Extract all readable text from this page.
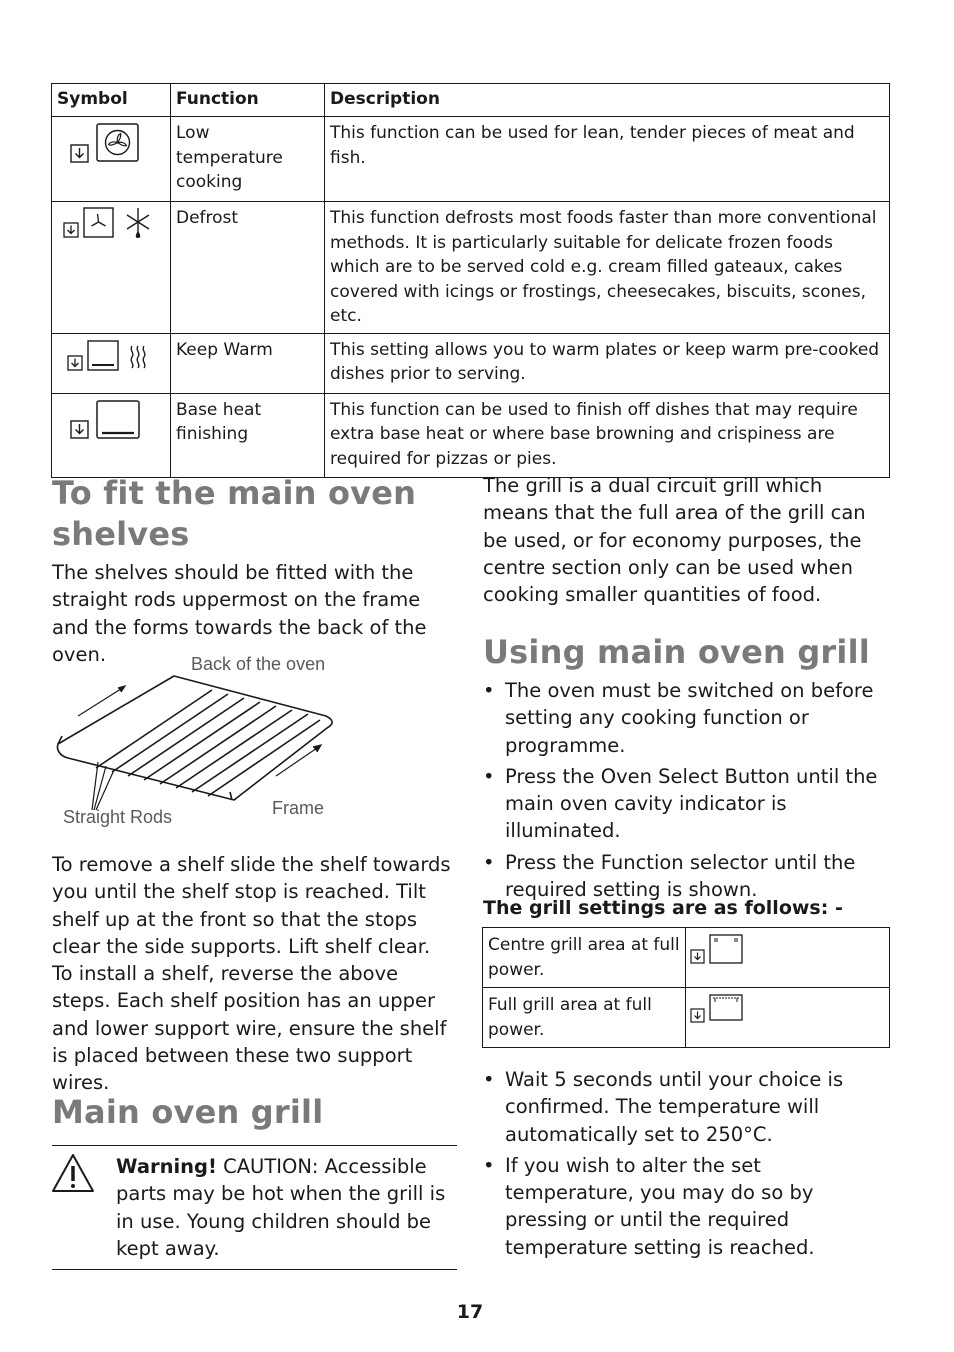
Symbol	Function	Description

	Low temperature cooking	This function can be used for lean, tender pieces of meat and fish.

	Defrost	This function defrosts most foods faster than more conventional methods. It is particularly suitable for delicate frozen foods which are to be served cold e.g. cream filled gateaux, cakes covered with icings or frostings, cheesecakes, biscuits, scones, etc.

	Keep Warm	This setting allows you to warm plates or keep warm pre-cooked dishes prior to serving.

	Base heat finishing	This function can be used to finish off dishes that may require extra base heat or where base browning and crispiness are required for pizzas or pies.
To fit the main oven shelves

The shelves should be fitted with the straight rods uppermost on the frame and the forms towards the back of the oven.	Back of the oven
Straight Rods	Frame

To remove a shelf slide the shelf towards you until the shelf stop is reached. Tilt shelf up at the front so that the stops clear the side supports. Lift shelf clear.

To install a shelf, reverse the above steps. Each shelf position has an upper and lower support wire, ensure the shelf is placed between these two support wires.

Main oven grill

Warning! CAUTION: Accessible parts may be hot when the grill is in use. Young children should be kept away.

The grill is a dual circuit grill which means that the full area of the grill can be used, or for economy purposes, the centre section only can be used when cooking smaller quantities of food.

Using main oven grill
• The oven must be switched on before setting any cooking function or programme.
• Press the Oven Select Button until the main oven cavity indicator is illuminated.
• Press the Function selector until the required setting is shown.
The grill settings are as follows: -
Centre grill area at full power.	

Full grill area at full power.	
• Wait 5 seconds until your choice is confirmed. The temperature will automatically set to 250°C.
• If you wish to alter the set temperature, you may do so by pressing or until the required temperature setting is reached.
17
